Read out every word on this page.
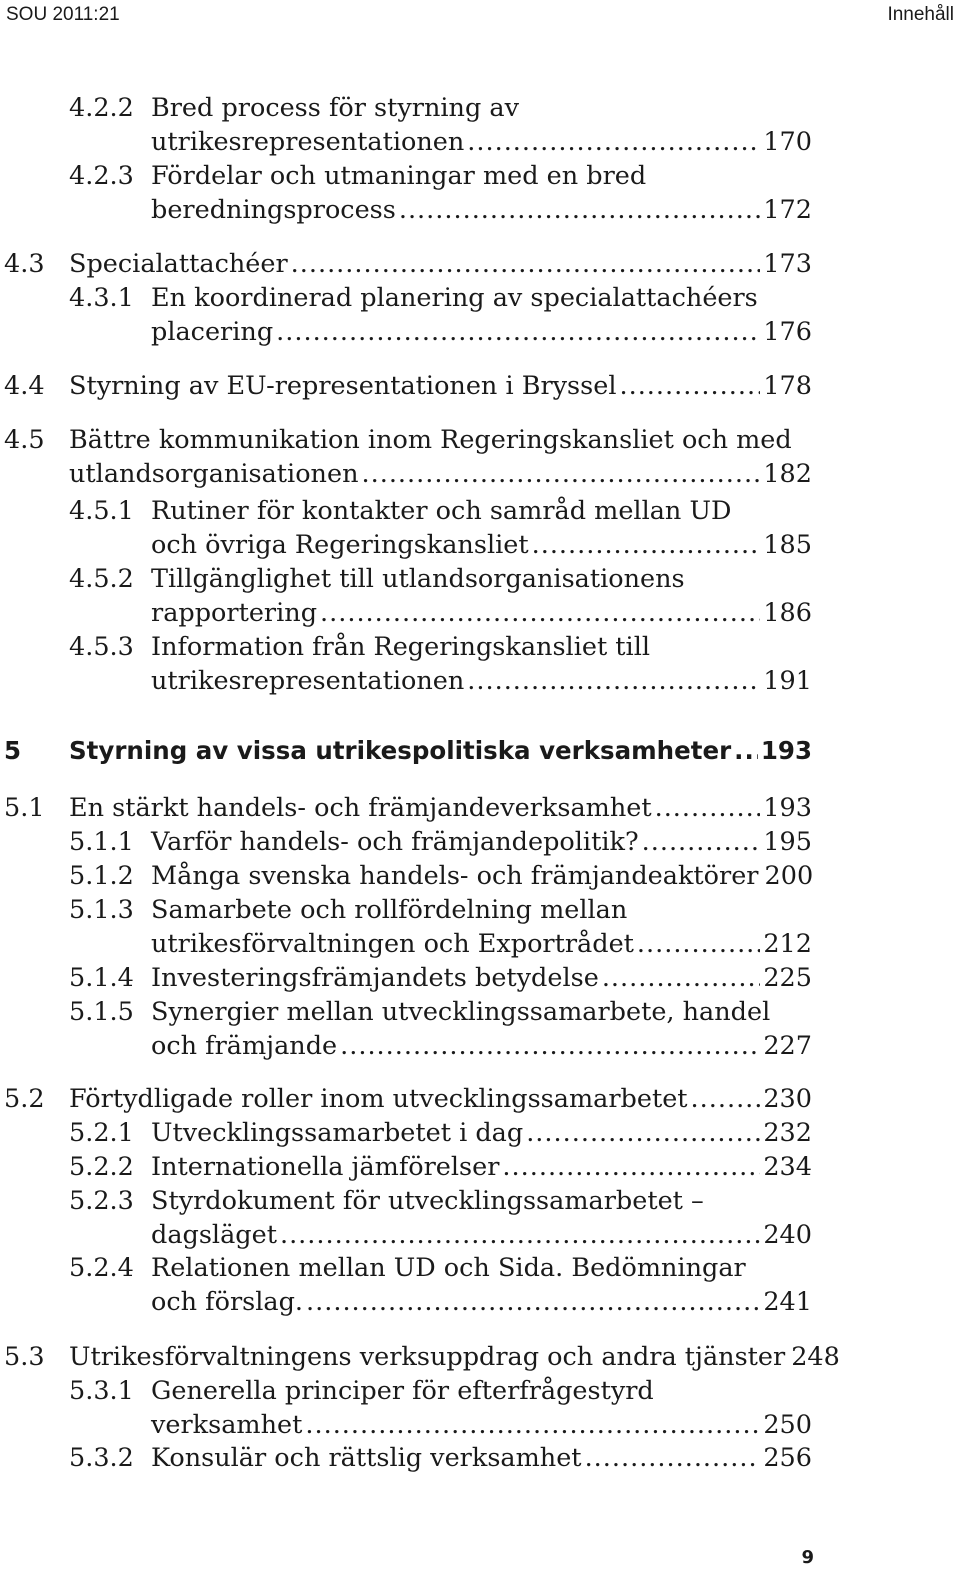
SOU 2011:21	Innehåll
4.2.2 Bred process för styrning av
utrikesrepresentationen .....	170
4.2.3 Fördelar och utmaningar med en bred
beredningsprocess .....	172
4.3 Specialattachéer .....	173
4.3.1 En koordinerad planering av specialattachéers
placering .....	176
4.4 Styrning av EU-representationen i Bryssel .....	178
4.5 Bättre kommunikation inom Regeringskansliet och med
utlandsorganisationen .....	182
4.5.1 Rutiner för kontakter och samråd mellan UD
och övriga Regeringskansliet .....	185
4.5.2 Tillgänglighet till utlandsorganisationens
rapportering .....	186
4.5.3 Information från Regeringskansliet till
utrikesrepresentationen .....	191
5 Styrning av vissa utrikespolitiska verksamheter ..... 193
5.1 En stärkt handels- och främjandeverksamhet .....	193
5.1.1 Varför handels- och främjandepolitik? .....	195
5.1.2 Många svenska handels- och främjandeaktörer 200
5.1.3 Samarbete och rollfördelning mellan
utrikesförvaltningen och Exportrådet .....	212
5.1.4 Investeringsfrämjandets betydelse .....	225
5.1.5 Synergier mellan utvecklingssamarbete, handel
och främjande .....	227
5.2 Förtydligade roller inom utvecklingssamarbetet .....	230
5.2.1 Utvecklingssamarbetet i dag .....	232
5.2.2 Internationella jämförelser .....	234
5.2.3 Styrdokument för utvecklingssamarbetet –
dagsläget .....	240
5.2.4 Relationen mellan UD och Sida. Bedömningar
och förslag. .....	241
5.3 Utrikesförvaltningens verksuppdrag och andra tjänster 248
5.3.1 Generella principer för efterfrågestyrd
verksamhet .....	250
5.3.2 Konsulär och rättslig verksamhet .....	256
9
